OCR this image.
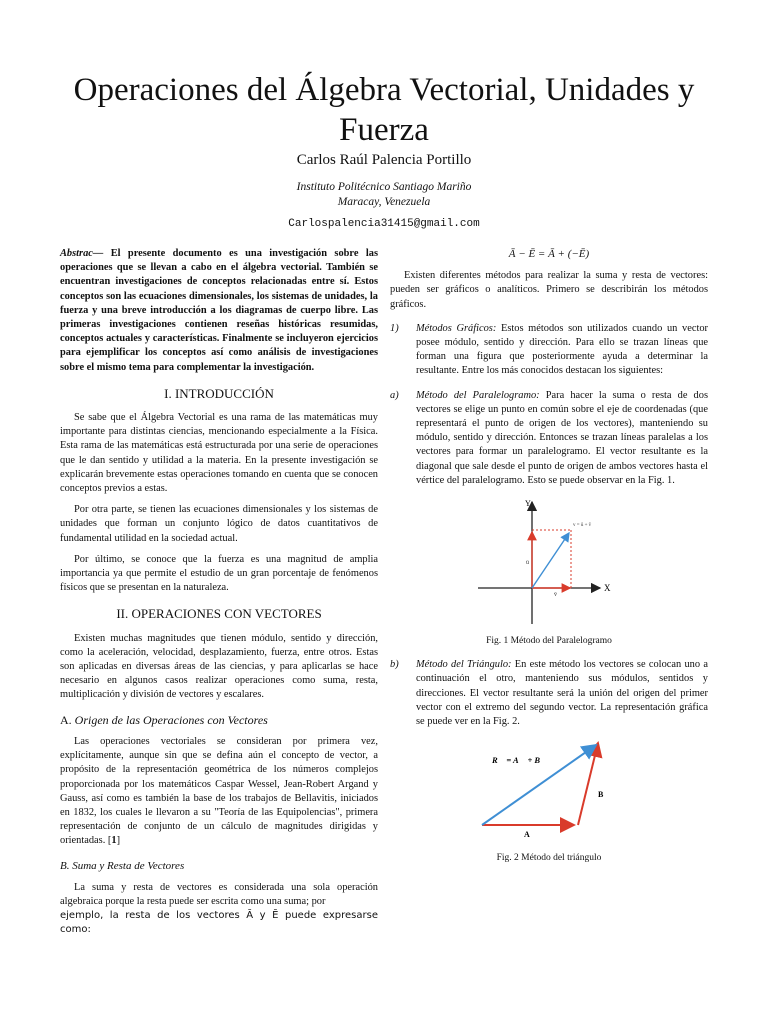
Operaciones del Álgebra Vectorial, Unidades y Fuerza
Carlos Raúl Palencia Portillo
Instituto Politécnico Santiago Mariño
Maracay, Venezuela
Carlospalencia31415@gmail.com

Abstrac— El presente documento es una investigación sobre las operaciones que se llevan a cabo en el álgebra vectorial. También se encuentran investigaciones de conceptos relacionadas entre sí. Estos conceptos son las ecuaciones dimensionales, los sistemas de unidades, la fuerza y una breve introducción a los diagramas de cuerpo libre. Las primeras investigaciones contienen reseñas históricas resumidas, conceptos actuales y características. Finalmente se incluyeron ejercicios para ejemplificar los conceptos así como análisis de investigaciones sobre el mismo tema para complementar la investigación.

I. INTRODUCCIÓN

Se sabe que el Álgebra Vectorial es una rama de las matemáticas muy importante para distintas ciencias, mencionando especialmente a la Física. Esta rama de las matemáticas está estructurada por una serie de operaciones que le dan sentido y utilidad a la materia. En la presente investigación se explicarán brevemente estas operaciones tomando en cuenta que se conocen conceptos previos a estas.

Por otra parte, se tienen las ecuaciones dimensionales y los sistemas de unidades que forman un conjunto lógico de datos cuantitativos de fundamental utilidad en la sociedad actual.

Por último, se conoce que la fuerza es una magnitud de amplia importancia ya que permite el estudio de un gran porcentaje de fenómenos físicos que se presentan en la naturaleza.

II. OPERACIONES CON VECTORES

Existen muchas magnitudes que tienen módulo, sentido y dirección, como la aceleración, velocidad, desplazamiento, fuerza, entre otros. Estas son aplicadas en diversas áreas de las ciencias, y para aplicarlas se hace necesario en algunos casos realizar operaciones como suma, resta, multiplicación y división de vectores y escalares.

A. Origen de las Operaciones con Vectores

Las operaciones vectoriales se consideran por primera vez, explícitamente, aunque sin que se defina aún el concepto de vector, a propósito de la representación geométrica de los números complejos proporcionada por los matemáticos Caspar Wessel, Jean-Robert Argand y Gauss, así como es también la base de los trabajos de Bellavitis, iniciados en 1832, los cuales le llevaron a su "Teoría de las Equipolencias", primera representación de conjunto de un cálculo de magnitudes dirigidas y orientadas. [1]

B. Suma y Resta de Vectores

La suma y resta de vectores es considerada una sola operación algebraica porque la resta puede ser escrita como una suma; por

ejemplo, la resta de los vectores Ā y Ē puede expresarse como:

Ā − Ē = Ā + (−Ē)

Existen diferentes métodos para realizar la suma y resta de vectores: pueden ser gráficos o analíticos. Primero se describirán los métodos gráficos.

1)	Métodos Gráficos: Estos métodos son utilizados cuando un vector posee módulo, sentido y dirección. Para ello se trazan líneas que forman una figura que posteriormente ayuda a determinar la resultante. Entre los más conocidos destacan los siguientes:
a)	Método del Paralelogramo: Para hacer la suma o resta de dos vectores se elige un punto en común sobre el eje de coordenadas (que representará el punto de origen de los vectores), manteniendo su módulo, sentido y dirección. Entonces se trazan líneas paralelas a los vectores para formar un paralelogramo. El vector resultante es la diagonal que sale desde el punto de origen de ambos vectores hasta el vértice del paralelogramo. Esto se puede observar en la Fig. 1.
Y
X
v = ū + v̄
ū
v̄

Fig. 1 Método del Paralelogramo

b)	Método del Triángulo: En este método los vectores se colocan uno a continuación el otro, manteniendo sus módulos, sentidos y direcciones. El vector resultante será la unión del origen del primer vector con el extremo del segundo vector. La representación gráfica se puede ver en la Fig. 2.
R⃗ = A⃗ + B⃗
B⃗
A⃗

Fig. 2 Método del triángulo
